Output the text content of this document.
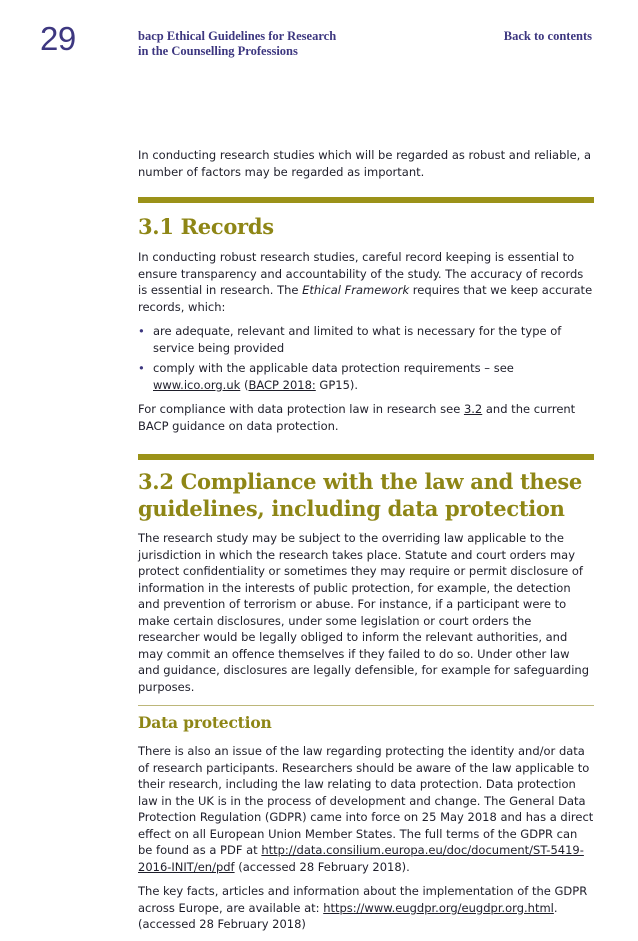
29	bacp Ethical Guidelines for Research
in the Counselling Professions
Back to contents

In conducting research studies which will be regarded as robust and reliable, a number of factors may be regarded as important.

3.1 Records

In conducting robust research studies, careful record keeping is essential to ensure transparency and accountability of the study. The accuracy of records is essential in research. The Ethical Framework requires that we keep accurate records, which:

• are adequate, relevant and limited to what is necessary for the type of service being provided
• comply with the applicable data protection requirements – see www.ico.org.uk (BACP 2018: GP15).

For compliance with data protection law in research see 3.2 and the current BACP guidance on data protection.

3.2 Compliance with the law and these guidelines, including data protection

The research study may be subject to the overriding law applicable to the jurisdiction in which the research takes place. Statute and court orders may protect confidentiality or sometimes they may require or permit disclosure of information in the interests of public protection, for example, the detection and prevention of terrorism or abuse. For instance, if a participant were to make certain disclosures, under some legislation or court orders the researcher would be legally obliged to inform the relevant authorities, and may commit an offence themselves if they failed to do so. Under other law and guidance, disclosures are legally defensible, for example for safeguarding purposes.

Data protection

There is also an issue of the law regarding protecting the identity and/or data of research participants. Researchers should be aware of the law applicable to their research, including the law relating to data protection. Data protection law in the UK is in the process of development and change. The General Data Protection Regulation (GDPR) came into force on 25 May 2018 and has a direct effect on all European Union Member States. The full terms of the GDPR can be found as a PDF at http://data.consilium.europa.eu/doc/document/ST-5419-2016-INIT/en/pdf (accessed 28 February 2018).

The key facts, articles and information about the implementation of the GDPR across Europe, are available at: https://www.eugdpr.org/eugdpr.org.html. (accessed 28 February 2018)
